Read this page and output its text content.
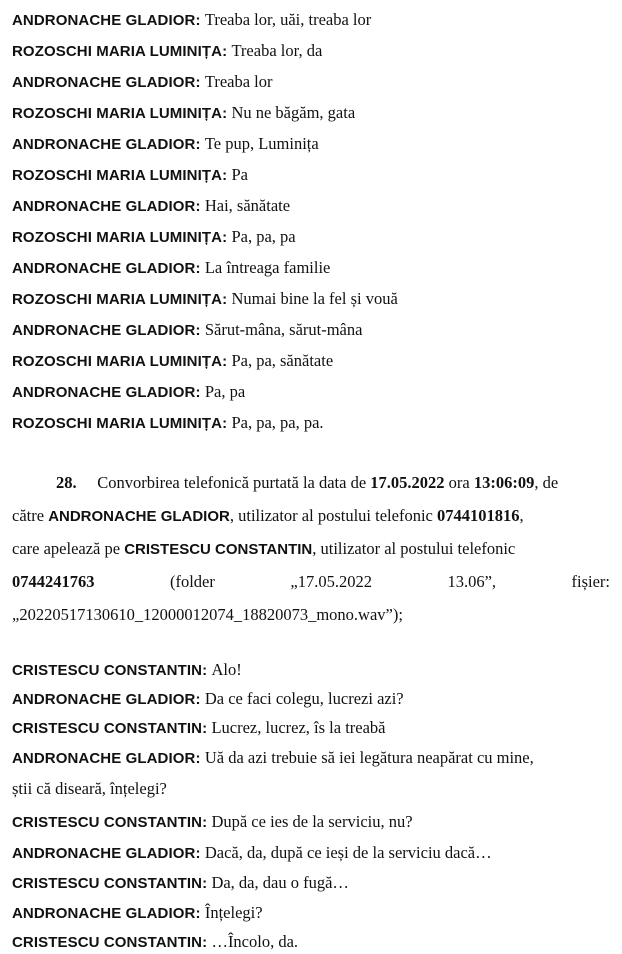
ANDRONACHE GLADIOR: Treaba lor, uăi, treaba lor
ROZOSCHI MARIA LUMINIȚA: Treaba lor, da
ANDRONACHE GLADIOR: Treaba lor
ROZOSCHI MARIA LUMINIȚA: Nu ne băgăm, gata
ANDRONACHE GLADIOR: Te pup, Luminița
ROZOSCHI MARIA LUMINIȚA: Pa
ANDRONACHE GLADIOR: Hai, sănătate
ROZOSCHI MARIA LUMINIȚA: Pa, pa, pa
ANDRONACHE GLADIOR: La întreaga familie
ROZOSCHI MARIA LUMINIȚA: Numai bine la fel și vouă
ANDRONACHE GLADIOR: Sărut-mâna, sărut-mâna
ROZOSCHI MARIA LUMINIȚA: Pa, pa, sănătate
ANDRONACHE GLADIOR: Pa, pa
ROZOSCHI MARIA LUMINIȚA: Pa, pa, pa, pa.
28. Convorbirea telefonică purtată la data de 17.05.2022 ora 13:06:09, de
către ANDRONACHE GLADIOR, utilizator al postului telefonic 0744101816,
care apelează pe CRISTESCU CONSTANTIN, utilizator al postului telefonic
0744241763	(folder	„17.05.2022	13.06”,	fișier:
„20220517130610_12000012074_18820073_mono.wav”);
CRISTESCU CONSTANTIN: Alo!
ANDRONACHE GLADIOR: Da ce faci colegu, lucrezi azi?
CRISTESCU CONSTANTIN: Lucrez, lucrez, îs la treabă
ANDRONACHE GLADIOR: Uă da azi trebuie să iei legătura neapărat cu mine,
știi că diseară, înțelegi?
CRISTESCU CONSTANTIN: După ce ies de la serviciu, nu?
ANDRONACHE GLADIOR: Dacă, da, după ce ieși de la serviciu dacă…
CRISTESCU CONSTANTIN: Da, da, dau o fugă…
ANDRONACHE GLADIOR: Înțelegi?
CRISTESCU CONSTANTIN: …Încolo, da.
